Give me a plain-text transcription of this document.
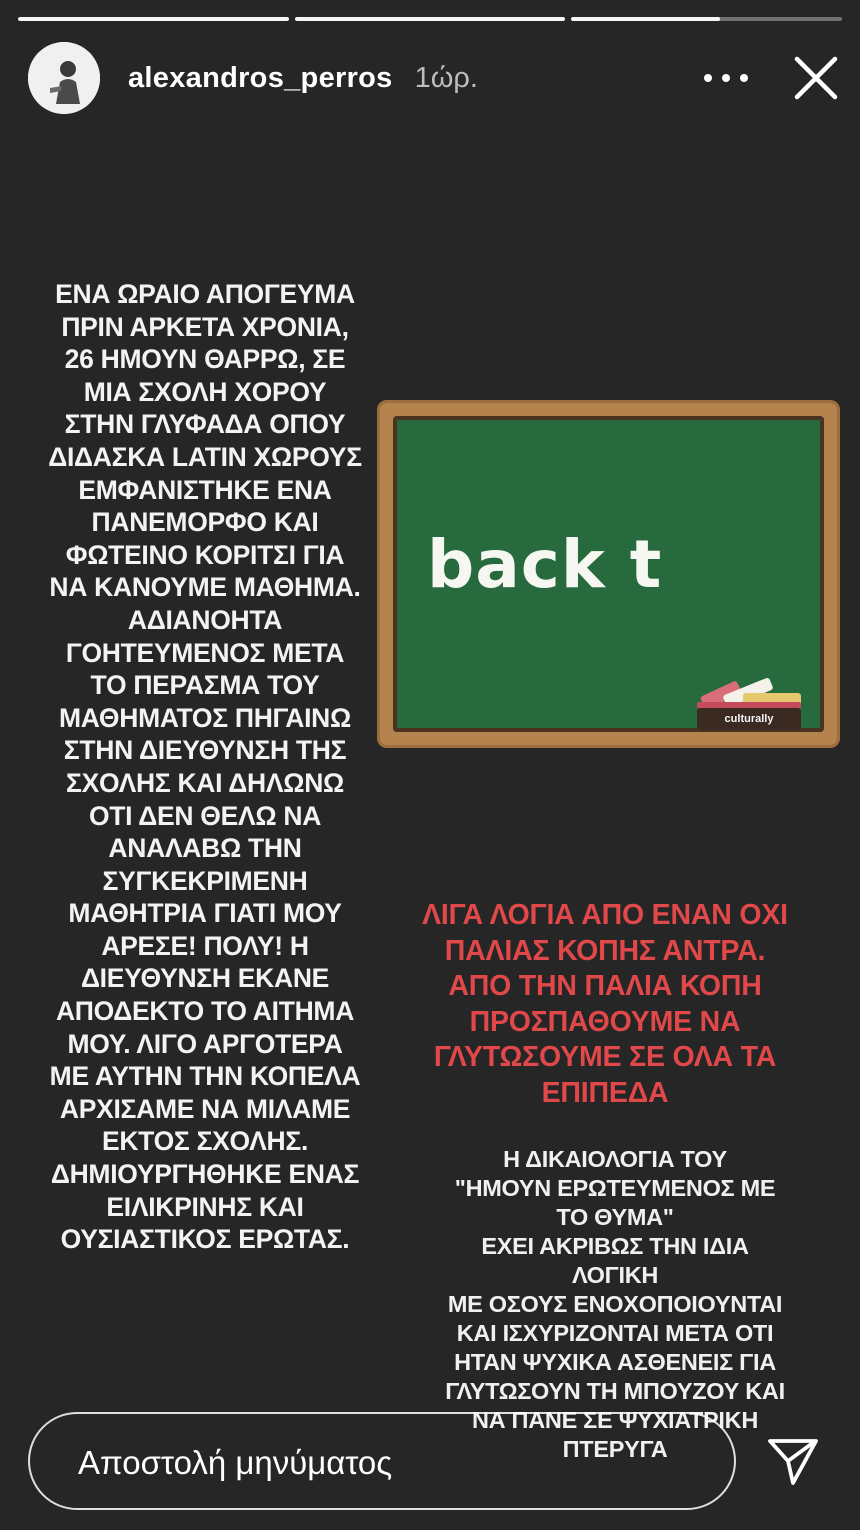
alexandros_perros 1ώρ.
ΕΝΑ ΩΡΑΙΟ ΑΠΟΓΕΥΜΑ
ΠΡΙΝ ΑΡΚΕΤΑ ΧΡΟΝΙΑ,
26 ΗΜΟΥΝ ΘΑΡΡΩ, ΣΕ
ΜΙΑ ΣΧΟΛΗ ΧΟΡΟΥ
ΣΤΗΝ ΓΛΥΦΑΔΑ ΟΠΟΥ
ΔΙΔΑΣΚΑ LATIN ΧΩΡΟΥΣ
ΕΜΦΑΝΙΣΤΗΚΕ ΕΝΑ
ΠΑΝΕΜΟΡΦΟ ΚΑΙ
ΦΩΤΕΙΝΟ ΚΟΡΙΤΣΙ ΓΙΑ
ΝΑ ΚΑΝΟΥΜΕ ΜΑΘΗΜΑ.
ΑΔΙΑΝΟΗΤΑ
ΓΟΗΤΕΥΜΕΝΟΣ ΜΕΤΑ
ΤΟ ΠΕΡΑΣΜΑ ΤΟΥ
ΜΑΘΗΜΑΤΟΣ ΠΗΓΑΙΝΩ
ΣΤΗΝ ΔΙΕΥΘΥΝΣΗ ΤΗΣ
ΣΧΟΛΗΣ ΚΑΙ ΔΗΛΩΝΩ
ΟΤΙ ΔΕΝ ΘΕΛΩ ΝΑ
ΑΝΑΛΑΒΩ ΤΗΝ
ΣΥΓΚΕΚΡΙΜΕΝΗ
ΜΑΘΗΤΡΙΑ ΓΙΑΤΙ ΜΟΥ
ΑΡΕΣΕ! ΠΟΛΥ! Η
ΔΙΕΥΘΥΝΣΗ ΕΚΑΝΕ
ΑΠΟΔΕΚΤΟ ΤΟ ΑΙΤΗΜΑ
ΜΟΥ. ΛΙΓΟ ΑΡΓΟΤΕΡΑ
ΜΕ ΑΥΤΗΝ ΤΗΝ ΚΟΠΕΛΑ
ΑΡΧΙΣΑΜΕ ΝΑ ΜΙΛΑΜΕ
ΕΚΤΟΣ ΣΧΟΛΗΣ.
ΔΗΜΙΟΥΡΓΗΘΗΚΕ ΕΝΑΣ
ΕΙΛΙΚΡΙΝΗΣ ΚΑΙ
ΟΥΣΙΑΣΤΙΚΟΣ ΕΡΩΤΑΣ.
back t
culturally
ΛΙΓΑ ΛΟΓΙΑ ΑΠΟ ΕΝΑΝ ΟΧΙ
ΠΑΛΙΑΣ ΚΟΠΗΣ ΑΝΤΡΑ.
ΑΠΟ ΤΗΝ ΠΑΛΙΑ ΚΟΠΗ
ΠΡΟΣΠΑΘΟΥΜΕ ΝΑ
ΓΛΥΤΩΣΟΥΜΕ ΣΕ ΟΛΑ ΤΑ
ΕΠΙΠΕΔΑ
Η ΔΙΚΑΙΟΛΟΓΙΑ ΤΟΥ
"ΗΜΟΥΝ ΕΡΩΤΕΥΜΕΝΟΣ ΜΕ
ΤΟ ΘΥΜΑ"
ΕΧΕΙ ΑΚΡΙΒΩΣ ΤΗΝ ΙΔΙΑ
ΛΟΓΙΚΗ
ΜΕ ΟΣΟΥΣ ΕΝΟΧΟΠΟΙΟΥΝΤΑΙ
ΚΑΙ ΙΣΧΥΡΙΖΟΝΤΑΙ ΜΕΤΑ ΟΤΙ
ΗΤΑΝ ΨΥΧΙΚΑ ΑΣΘΕΝΕΙΣ ΓΙΑ
ΓΛΥΤΩΣΟΥΝ ΤΗ ΜΠΟΥΖΟΥ ΚΑΙ
ΝΑ ΠΑΝΕ ΣΕ ΨΥΧΙΑΤΡΙΚΗ
ΠΤΕΡΥΓΑ
Αποστολή μηνύματος
